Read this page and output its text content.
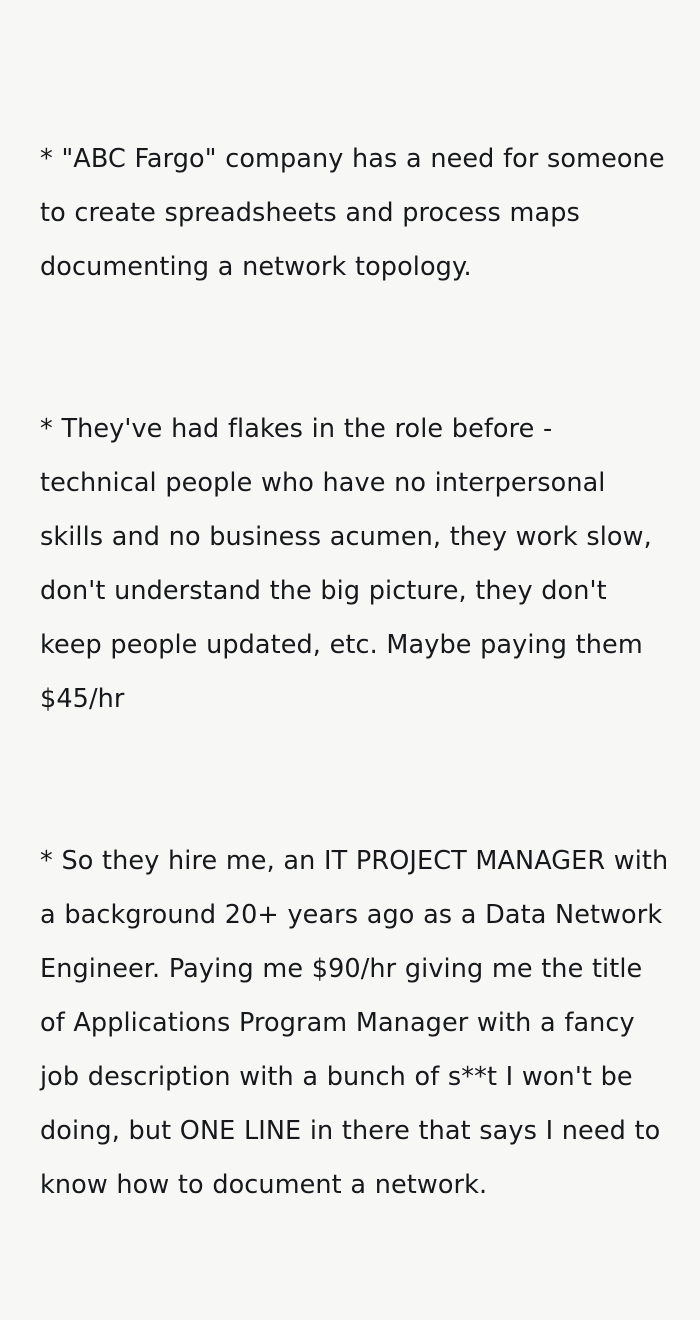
* "ABC Fargo" company has a need for someone to create spreadsheets and process maps documenting a network topology.

* They've had flakes in the role before - technical people who have no interpersonal skills and no business acumen, they work slow, don't understand the big picture, they don't keep people updated, etc. Maybe paying them $45/hr

* So they hire me, an IT PROJECT MANAGER with a background 20+ years ago as a Data Network Engineer. Paying me $90/hr giving me the title of Applications Program Manager with a fancy job description with a bunch of s**t I won't be doing, but ONE LINE in there that says I need to know how to document a network.
